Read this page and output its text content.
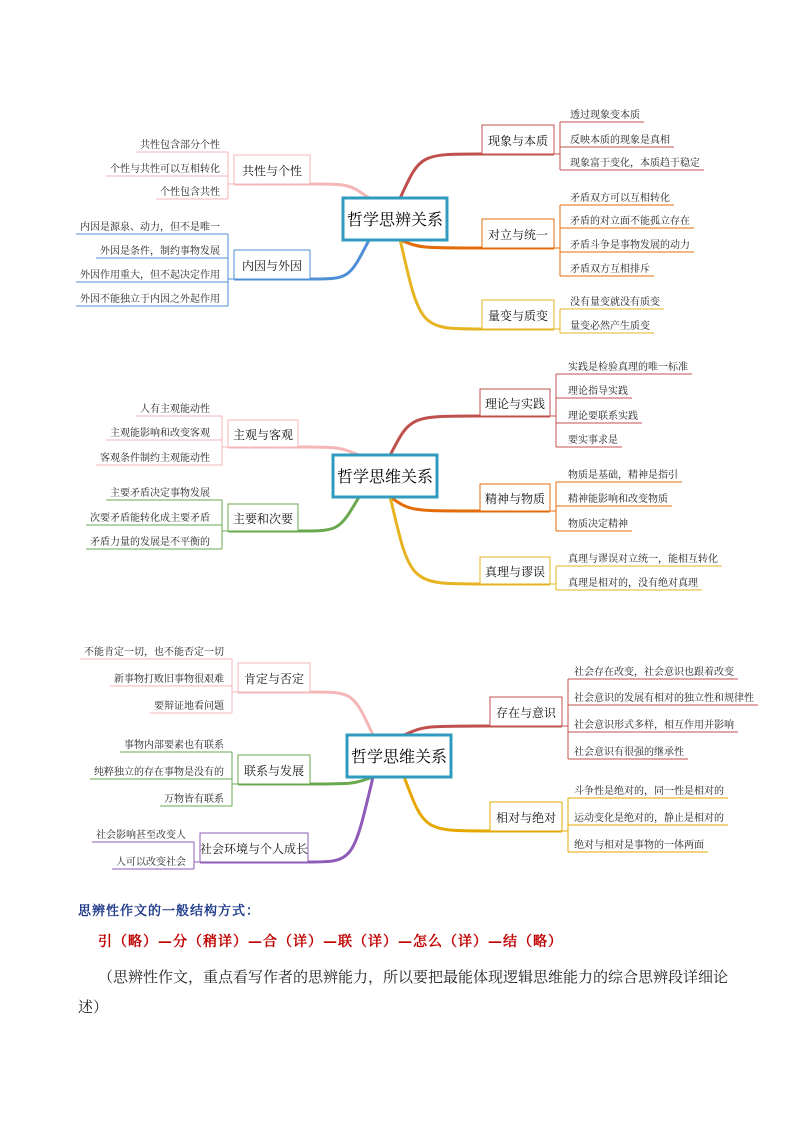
现象与本质
透过现象变本质
反映本质的现象是真相
现象富于变化，本质趋于稳定
对立与统一
矛盾双方可以互相转化
矛盾的对立面不能孤立存在
矛盾斗争是事物发展的动力
矛盾双方互相排斥
量变与质变
没有量变就没有质变
量变必然产生质变
共性与个性
共性包含部分个性
个性与共性可以互相转化
个性包含共性
内因与外因
内因是源泉、动力，但不是唯一
外因是条件，制约事物发展
外因作用重大，但不起决定作用
外因不能独立于内因之外起作用
哲学思辨关系
理论与实践
实践是检验真理的唯一标准
理论指导实践
理论要联系实践
要实事求是
精神与物质
物质是基础，精神是指引
精神能影响和改变物质
物质决定精神
真理与谬误
真理与谬误对立统一，能相互转化
真理是相对的，没有绝对真理
主观与客观
人有主观能动性
主观能影响和改变客观
客观条件制约主观能动性
主要和次要
主要矛盾决定事物发展
次要矛盾能转化成主要矛盾
矛盾力量的发展是不平衡的
哲学思维关系
存在与意识
社会存在改变，社会意识也跟着改变
社会意识的发展有相对的独立性和规律性
社会意识形式多样，相互作用并影响
社会意识有很强的继承性
相对与绝对
斗争性是绝对的，同一性是相对的
运动变化是绝对的，静止是相对的
绝对与相对是事物的一体两面
肯定与否定
不能肯定一切，也不能否定一切
新事物打败旧事物很艰难
要辩证地看问题
联系与发展
事物内部要素也有联系
纯粹独立的存在事物是没有的
万物皆有联系
社会环境与个人成长
社会影响甚至改变人
人可以改变社会
哲学思维关系
思辨性作文的一般结构方式：
引（略）—分（稍详）—合（详）—联（详）—怎么（详）—结（略）
（思辨性作文，重点看写作者的思辨能力，所以要把最能体现逻辑思维能力的综合思辨段详细论述）
